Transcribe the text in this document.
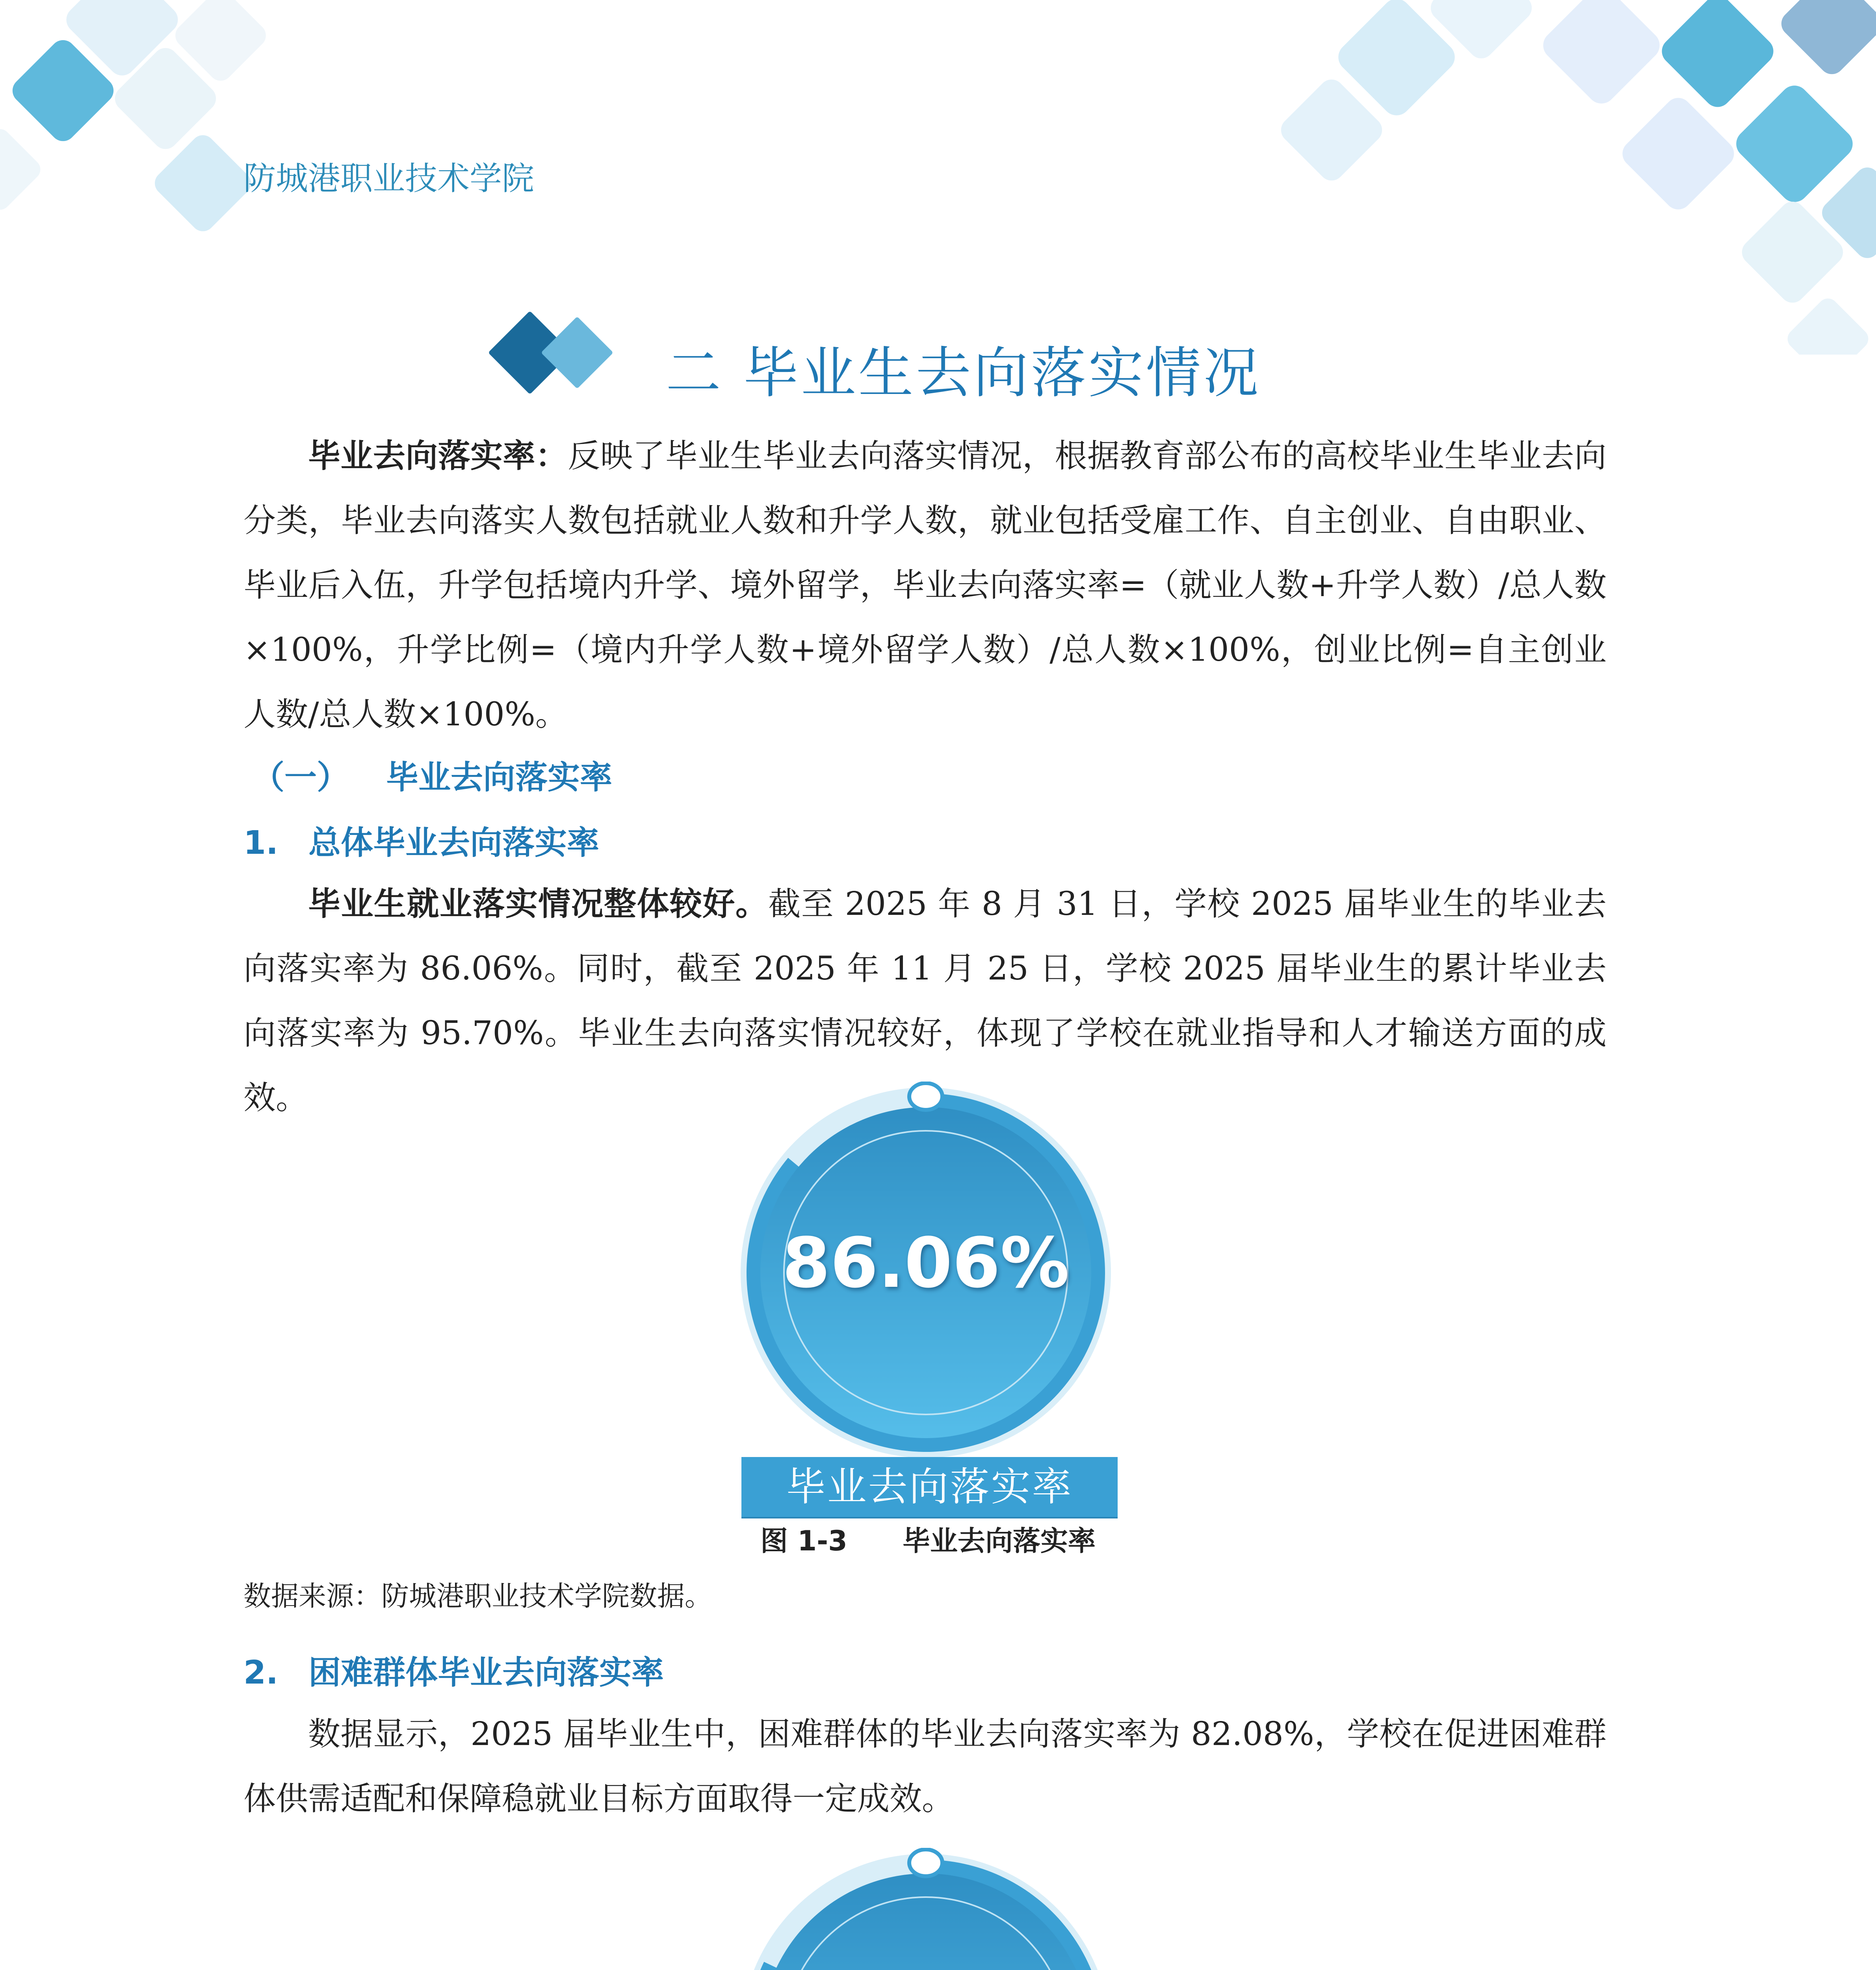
防城港职业技术学院
二 毕业生去向落实情况

毕业去向落实率：反映了毕业生毕业去向落实情况，根据教育部公布的高校毕业生毕业去向分类，毕业去向落实人数包括就业人数和升学人数，就业包括受雇工作、自主创业、自由职业、毕业后入伍，升学包括境内升学、境外留学，毕业去向落实率=（就业人数+升学人数）/总人数×100%，升学比例=（境内升学人数+境外留学人数）/总人数×100%，创业比例=自主创业人数/总人数×100%。

（一） 毕业去向落实率
1. 总体毕业去向落实率

毕业生就业落实情况整体较好。截至 2025 年 8 月 31 日，学校 2025 届毕业生的毕业去向落实率为 86.06%。同时，截至 2025 年 11 月 25 日，学校 2025 届毕业生的累计毕业去向落实率为 95.70%。毕业生去向落实情况较好，体现了学校在就业指导和人才输送方面的成效。

86.06%
毕业去向落实率
图 1-3 毕业去向落实率
数据来源：防城港职业技术学院数据。
2. 困难群体毕业去向落实率

数据显示，2025 届毕业生中，困难群体的毕业去向落实率为 82.08%，学校在促进困难群体供需适配和保障稳就业目标方面取得一定成效。
